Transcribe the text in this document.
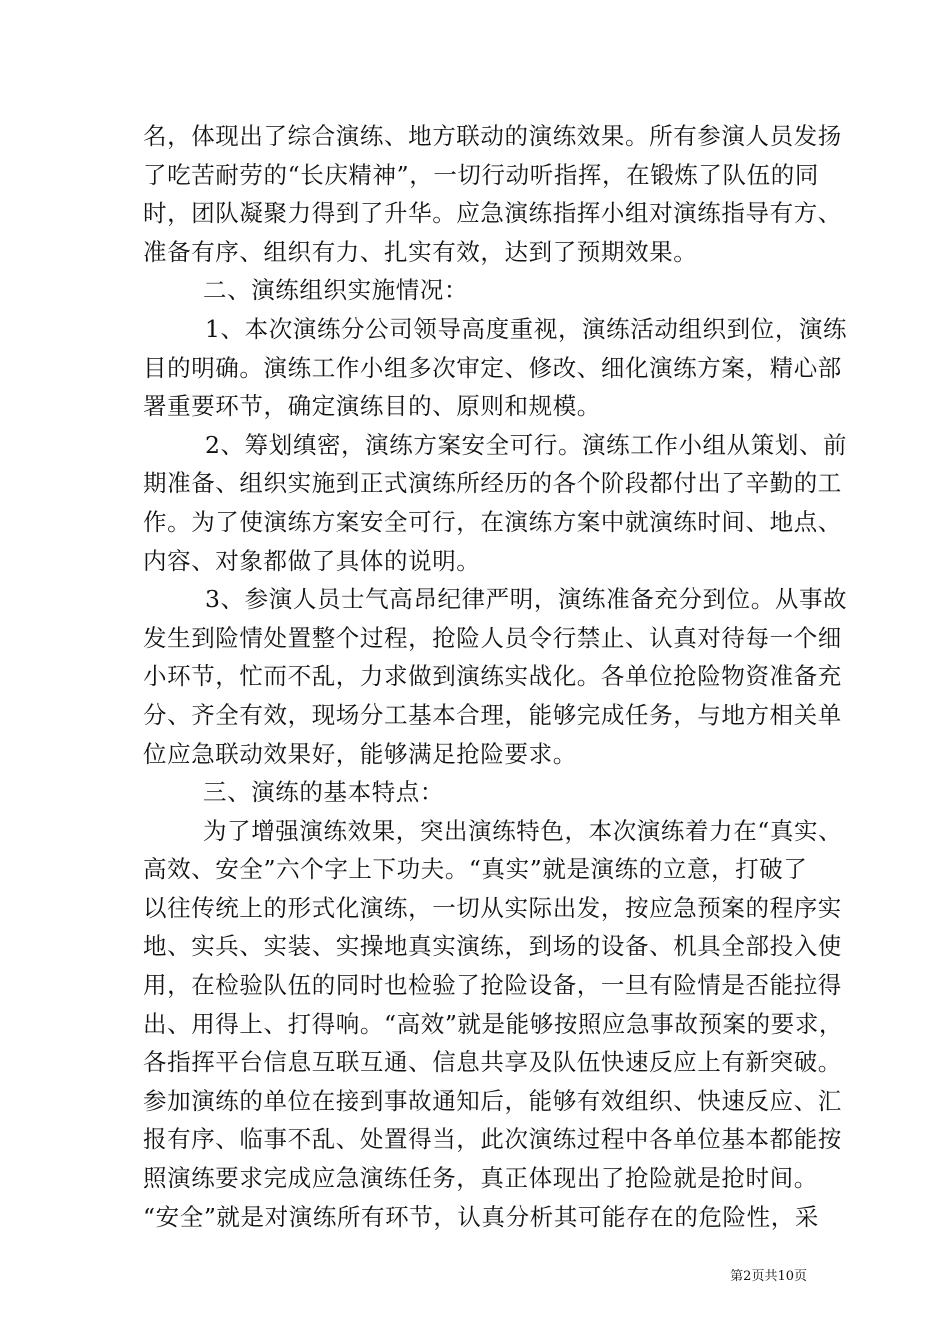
名，体现出了综合演练、地方联动的演练效果。所有参演人员发扬
了吃苦耐劳的“长庆精神”，一切行动听指挥，在锻炼了队伍的同
时，团队凝聚力得到了升华。应急演练指挥小组对演练指导有方、
准备有序、组织有力、扎实有效，达到了预期效果。
二、演练组织实施情况：
1、本次演练分公司领导高度重视，演练活动组织到位，演练
目的明确。演练工作小组多次审定、修改、细化演练方案，精心部
署重要环节，确定演练目的、原则和规模。
2、筹划缜密，演练方案安全可行。演练工作小组从策划、前
期准备、组织实施到正式演练所经历的各个阶段都付出了辛勤的工
作。为了使演练方案安全可行，在演练方案中就演练时间、地点、
内容、对象都做了具体的说明。
3、参演人员士气高昂纪律严明，演练准备充分到位。从事故
发生到险情处置整个过程，抢险人员令行禁止、认真对待每一个细
小环节，忙而不乱，力求做到演练实战化。各单位抢险物资准备充
分、齐全有效，现场分工基本合理，能够完成任务，与地方相关单
位应急联动效果好，能够满足抢险要求。
三、演练的基本特点：
为了增强演练效果，突出演练特色，本次演练着力在“真实、
高效、安全”六个字上下功夫。“真实”就是演练的立意，打破了
以往传统上的形式化演练，一切从实际出发，按应急预案的程序实
地、实兵、实装、实操地真实演练，到场的设备、机具全部投入使
用，在检验队伍的同时也检验了抢险设备，一旦有险情是否能拉得
出、用得上、打得响。“高效”就是能够按照应急事故预案的要求，
各指挥平台信息互联互通、信息共享及队伍快速反应上有新突破。
参加演练的单位在接到事故通知后，能够有效组织、快速反应、汇
报有序、临事不乱、处置得当，此次演练过程中各单位基本都能按
照演练要求完成应急演练任务，真正体现出了抢险就是抢时间。
“安全”就是对演练所有环节，认真分析其可能存在的危险性，采
第2页共10页
